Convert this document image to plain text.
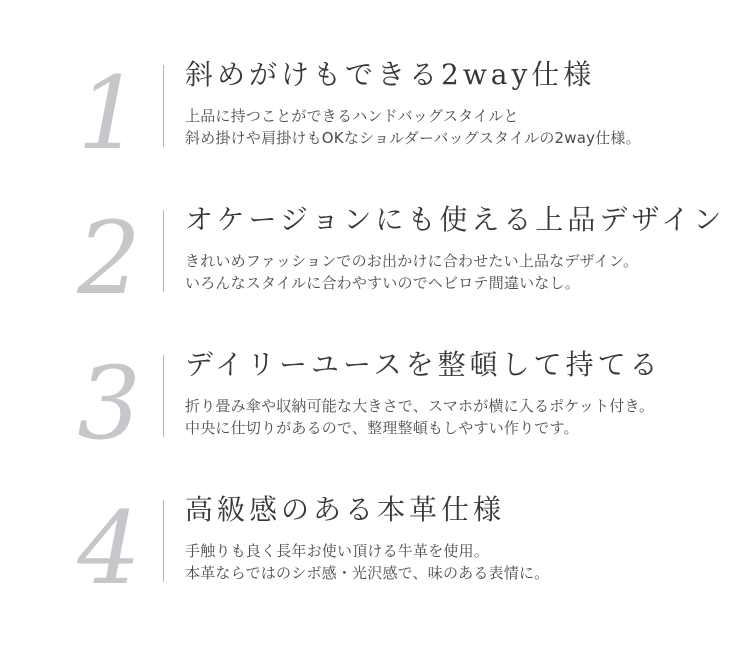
1	斜めがけもできる2way仕様

上品に持つことができるハンドバッグスタイルと
斜め掛けや肩掛けもOKなショルダーバッグスタイルの2way仕様。

2	オケージョンにも使える上品デザイン

きれいめファッションでのお出かけに合わせたい上品なデザイン。
いろんなスタイルに合わやすいのでヘビロテ間違いなし。

3	デイリーユースを整頓して持てる

折り畳み傘や収納可能な大きさで、スマホが横に入るポケット付き。
中央に仕切りがあるので、整理整頓もしやすい作りです。

4	高級感のある本革仕様

手触りも良く長年お使い頂ける牛革を使用。
本革ならではのシボ感・光沢感で、味のある表情に。
